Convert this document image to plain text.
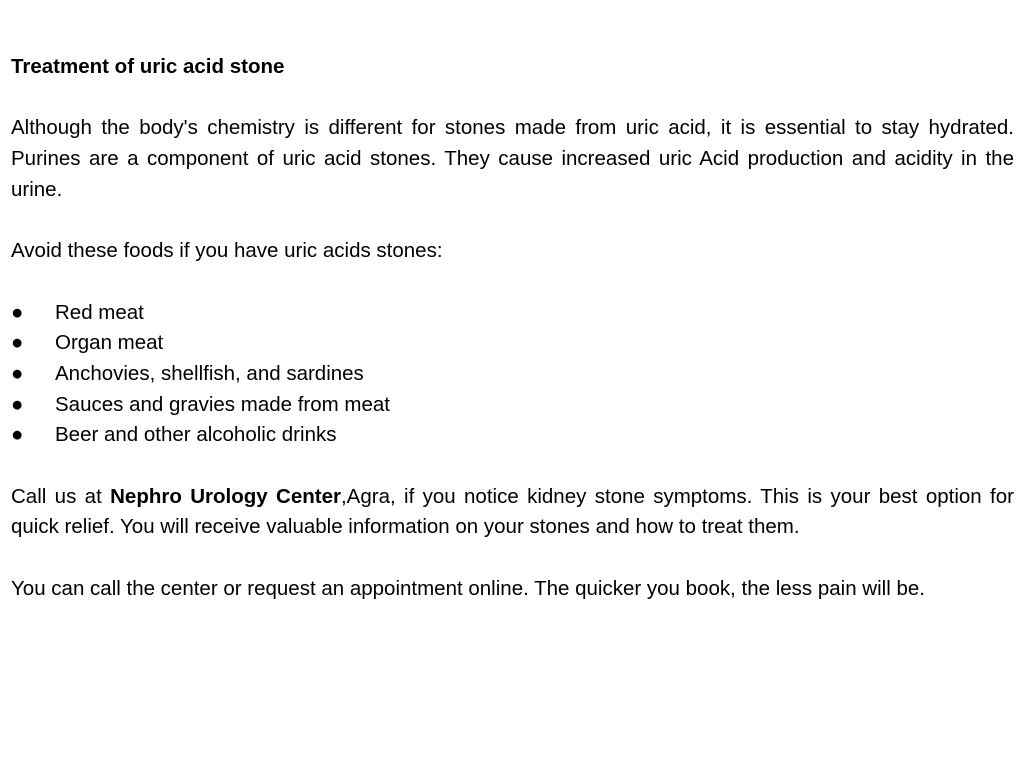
Treatment of uric acid stone
Although the body's chemistry is different for stones made from uric acid, it is essential to stay hydrated. Purines are a component of uric acid stones. They cause increased uric Acid production and acidity in the urine.
Avoid these foods if you have uric acids stones:
●	Red meat
●	Organ meat
●	Anchovies, shellfish, and sardines
●	Sauces and gravies made from meat
●	Beer and other alcoholic drinks
Call us at Nephro Urology Center,Agra, if you notice kidney stone symptoms. This is your best option for quick relief. You will receive valuable information on your stones and how to treat them.
You can call the center or request an appointment online. The quicker you book, the less pain will be.
